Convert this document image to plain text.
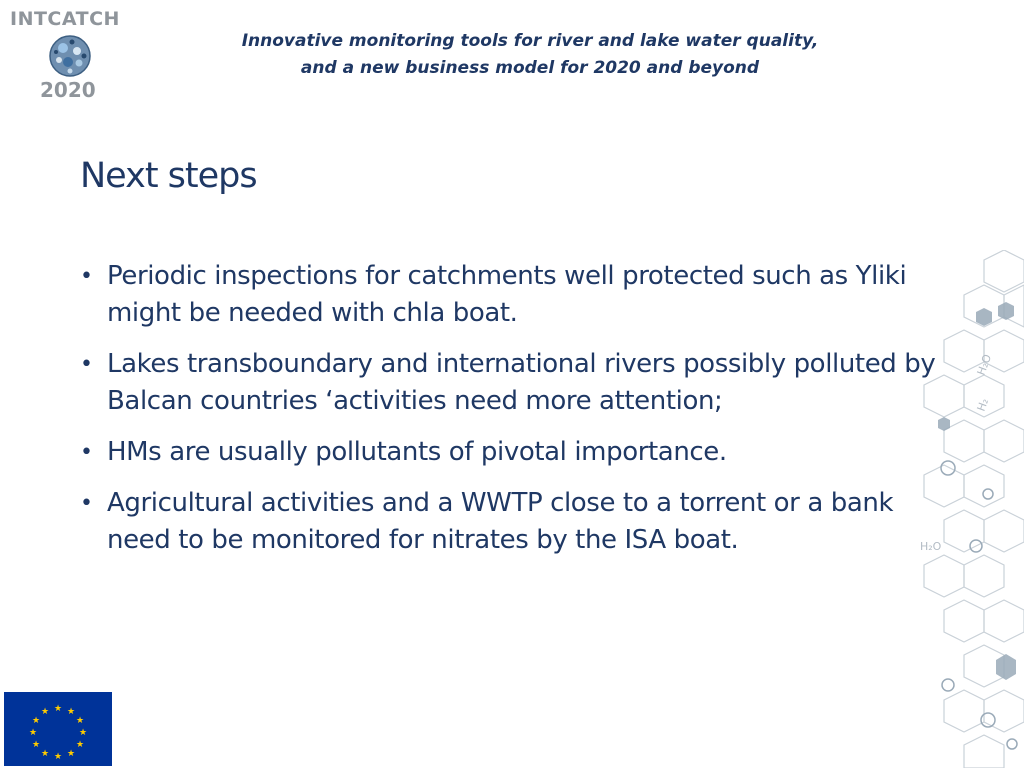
INTCATCH
2020
Innovative monitoring tools for river and lake water quality,
and a new business model for 2020 and beyond
Next steps
• Periodic inspections for catchments well protected such as Yliki might be needed with chla boat.
• Lakes transboundary and international rivers possibly polluted by Balcan countries ‘activities need more attention;
• HMs are usually pollutants of pivotal importance.
• Agricultural activities and a WWTP close to a torrent or a bank need to be monitored for nitrates by the ISA boat.
H₂O
H₂
H₂O
★ ★
★
★
★
★
★
★
★
★
★
★
